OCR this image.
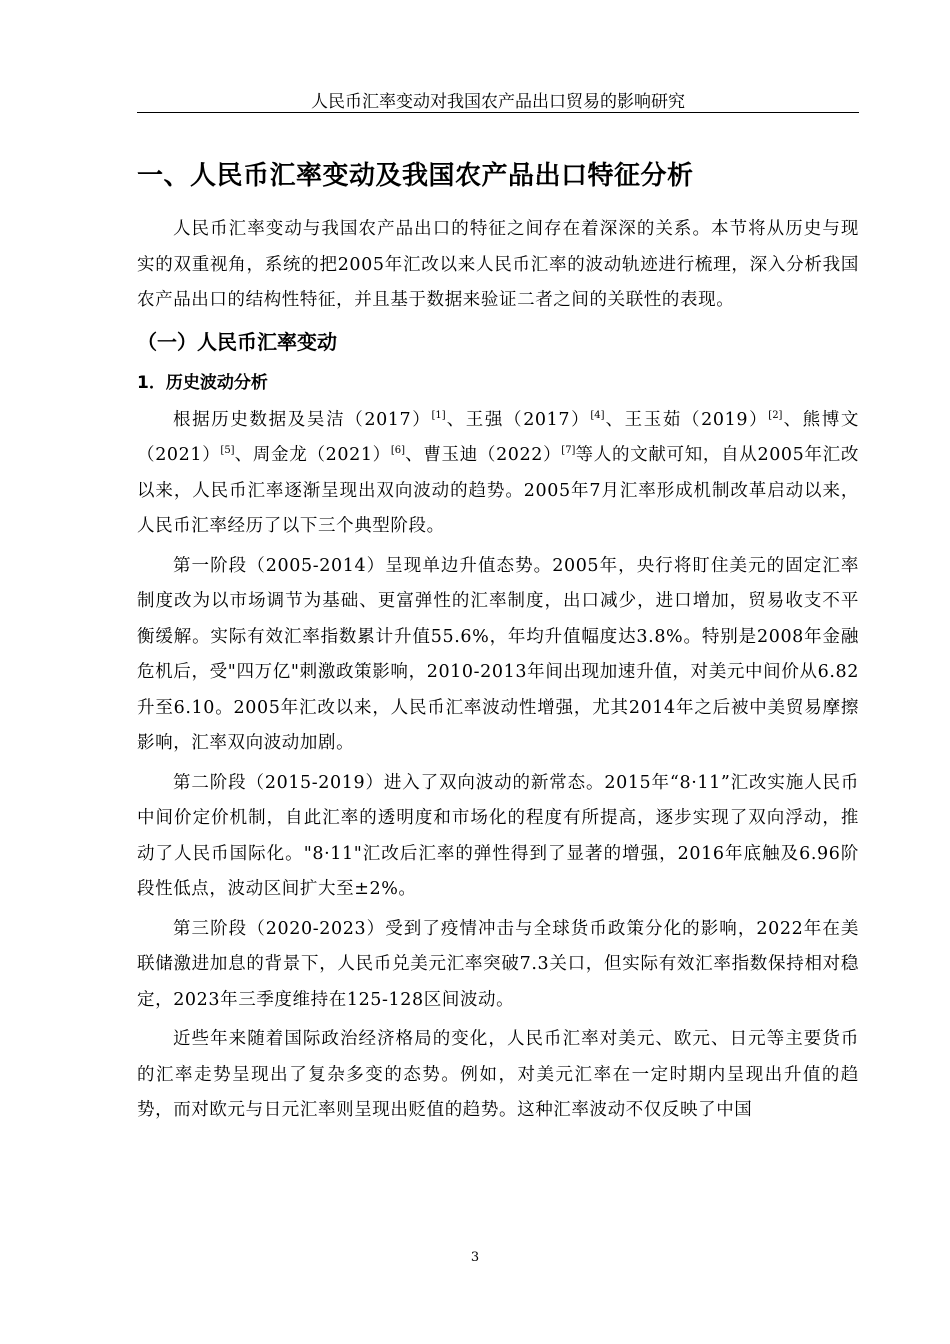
人民币汇率变动对我国农产品出口贸易的影响研究
一、人民币汇率变动及我国农产品出口特征分析

人民币汇率变动与我国农产品出口的特征之间存在着深深的关系。本节将从历史与现实的双重视角，系统的把2005年汇改以来人民币汇率的波动轨迹进行梳理，深入分析我国农产品出口的结构性特征，并且基于数据来验证二者之间的关联性的表现。

（一）人民币汇率变动
1．历史波动分析

根据历史数据及吴洁（2017）[1]、王强（2017）[4]、王玉茹（2019）[2]、熊博文（2021）[5]、周金龙（2021）[6]、曹玉迪（2022）[7]等人的文献可知，自从2005年汇改以来，人民币汇率逐渐呈现出双向波动的趋势。2005年7月汇率形成机制改革启动以来，人民币汇率经历了以下三个典型阶段。

第一阶段（2005-2014）呈现单边升值态势。2005年，央行将盯住美元的固定汇率制度改为以市场调节为基础、更富弹性的汇率制度，出口减少，进口增加，贸易收支不平衡缓解。实际有效汇率指数累计升值55.6%，年均升值幅度达3.8%。特别是2008年金融危机后，受"四万亿"刺激政策影响，2010-2013年间出现加速升值，对美元中间价从6.82升至6.10。2005年汇改以来，人民币汇率波动性增强，尤其2014年之后被中美贸易摩擦影响，汇率双向波动加剧。

第二阶段（2015-2019）进入了双向波动的新常态。2015年“8·11”汇改实施人民币中间价定价机制，自此汇率的透明度和市场化的程度有所提高，逐步实现了双向浮动，推动了人民币国际化。"8·11"汇改后汇率的弹性得到了显著的增强，2016年底触及6.96阶段性低点，波动区间扩大至±2%。

第三阶段（2020-2023）受到了疫情冲击与全球货币政策分化的影响，2022年在美联储激进加息的背景下，人民币兑美元汇率突破7.3关口，但实际有效汇率指数保持相对稳定，2023年三季度维持在125-128区间波动。

近些年来随着国际政治经济格局的变化，人民币汇率对美元、欧元、日元等主要货币的汇率走势呈现出了复杂多变的态势。例如，对美元汇率在一定时期内呈现出升值的趋势，而对欧元与日元汇率则呈现出贬值的趋势。这种汇率波动不仅反映了中国

3
